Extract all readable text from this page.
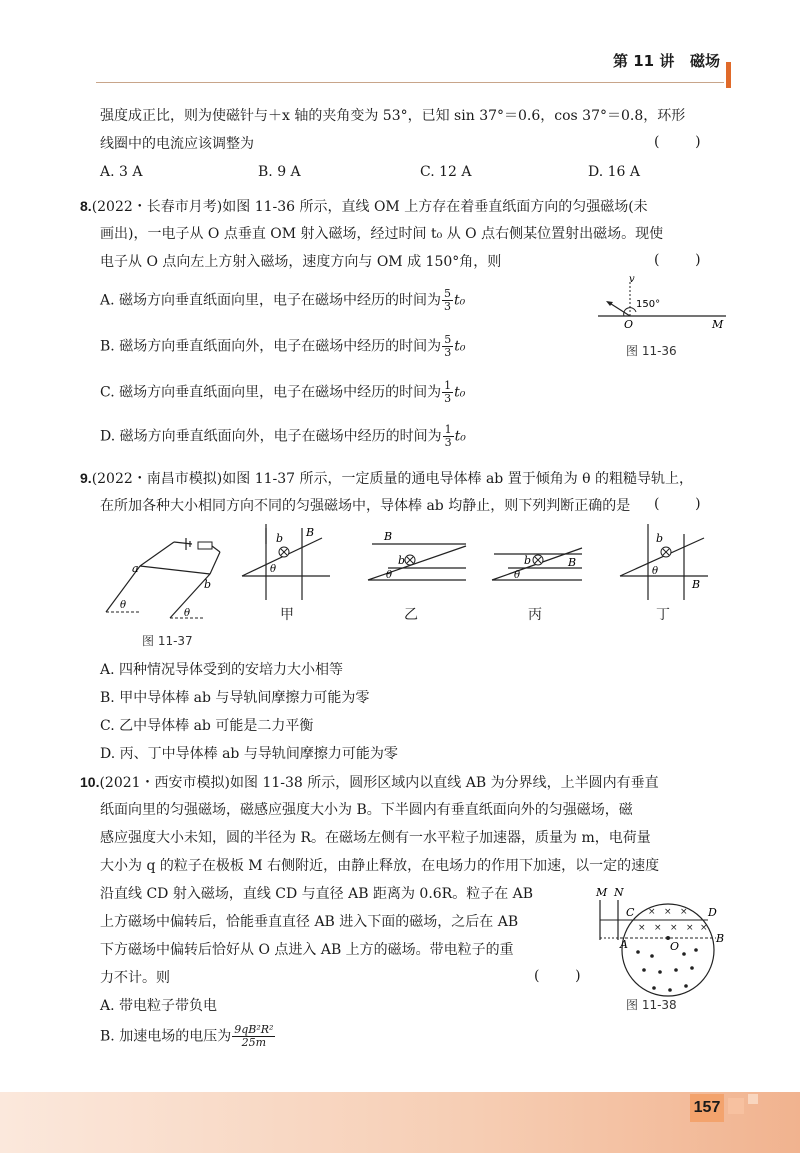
第 11 讲   磁场
强度成正比，则为使磁针与＋x 轴的夹角变为 53°，已知 sin 37°＝0.6，cos 37°＝0.8，环形
线圈中的电流应该调整为	(        )
A. 3 A	B. 9 A	C. 12 A	D. 16 A
8.(2022・长春市月考)如图 11-36 所示，直线 OM 上方存在着垂直纸面方向的匀强磁场(未
画出)，一电子从 O 点垂直 OM 射入磁场，经过时间 t₀ 从 O 点右侧某位置射出磁场。现使
电子从 O 点向左上方射入磁场，速度方向与 OM 成 150°角，则	(        )
A. 磁场方向垂直纸面向里，电子在磁场中经历的时间为 $\frac{5}{3} t_0$
B. 磁场方向垂直纸面向外，电子在磁场中经历的时间为 $\frac{5}{3} t_0$
C. 磁场方向垂直纸面向里，电子在磁场中经历的时间为 $\frac{1}{3} t_0$
D. 磁场方向垂直纸面向外，电子在磁场中经历的时间为 $\frac{1}{3} t_0$
v
150°
O	M
图 11-36
9.(2022・南昌市模拟)如图 11-37 所示，一定质量的通电导体棒 ab 置于倾角为 θ 的粗糙导轨上，
在所加各种大小相同方向不同的匀强磁场中，导体棒 ab 均静止，则下列判断正确的是 (        )
a
b
θ
θ
图 11-37
b B
θ
甲
B
b
θ
乙
b	B
θ
丙
b
B
θ
丁
A. 四种情况导体受到的安培力大小相等
B. 甲中导体棒 ab 与导轨间摩擦力可能为零
C. 乙中导体棒 ab 可能是二力平衡
D. 丙、丁中导体棒 ab 与导轨间摩擦力可能为零
10.(2021・西安市模拟)如图 11-38 所示，圆形区域内以直线 AB 为分界线，上半圆内有垂直
纸面向里的匀强磁场，磁感应强度大小为 B。下半圆内有垂直纸面向外的匀强磁场，磁
感应强度大小未知，圆的半径为 R。在磁场左侧有一水平粒子加速器，质量为 m，电荷量
大小为 q 的粒子在极板 M 右侧附近，由静止释放，在电场力的作用下加速，以一定的速度
沿直线 CD 射入磁场，直线 CD 与直径 AB 距离为 0.6R。粒子在 AB
上方磁场中偏转后，恰能垂直直径 AB 进入下面的磁场，之后在 AB
下方磁场中偏转后恰好从 O 点进入 AB 上方的磁场。带电粒子的重
力不计。则	(        )
A. 带电粒子带负电
B. 加速电场的电压为 $\frac{\text{9qB²R²}}{25m}$
× × ×
× × × × ×
M N
C	D
A	B
O
图 11-38
157
